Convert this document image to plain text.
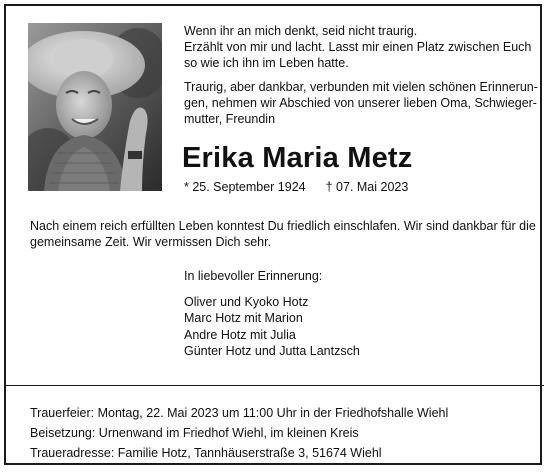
Wenn ihr an mich denkt, seid nicht traurig.
Erzählt von mir und lacht. Lasst mir einen Platz zwischen Euch
so wie ich ihn im Leben hatte.
Traurig, aber dankbar, verbunden mit vielen schönen Erinnerun-
gen, nehmen wir Abschied von unserer lieben Oma, Schwieger-
mutter, Freundin
Erika Maria Metz
* 25. September 1924 † 07. Mai 2023
Nach einem reich erfüllten Leben konntest Du friedlich einschlafen. Wir sind dankbar für die
gemeinsame Zeit. Wir vermissen Dich sehr.
In liebevoller Erinnerung:
Oliver und Kyoko Hotz
Marc Hotz mit Marion
Andre Hotz mit Julia
Günter Hotz und Jutta Lantzsch
Trauerfeier: Montag, 22. Mai 2023 um 11:00 Uhr in der Friedhofshalle Wiehl
Beisetzung: Urnenwand im Friedhof Wiehl, im kleinen Kreis
Traueradresse: Familie Hotz, Tannhäuserstraße 3, 51674 Wiehl
